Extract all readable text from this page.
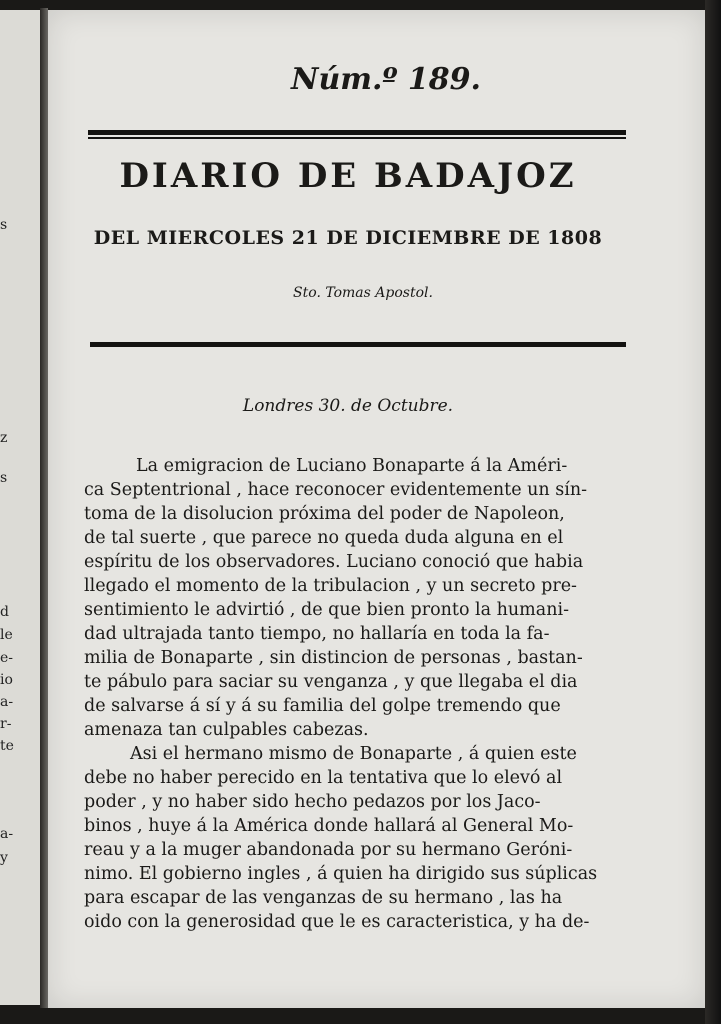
s
z
s
d
le
e-
io
a-
r-
te
a-
y
Núm.º 189.
DIARIO DE BADAJOZ
DEL MIERCOLES 21 DE DICIEMBRE DE 1808
Sto. Tomas Apostol.
Londres 30. de Octubre.
La emigracion de Luciano Bonaparte á la Améri-
ca Septentrional , hace reconocer evidentemente un sín-
toma de la disolucion próxima del poder de Napoleon,
de tal suerte , que parece no queda duda alguna en el
espíritu de los observadores. Luciano conoció que habia
llegado el momento de la tribulacion , y un secreto pre-
sentimiento le advirtió , de que bien pronto la humani-
dad ultrajada tanto tiempo, no hallaría en toda la fa-
milia de Bonaparte , sin distincion de personas , bastan-
te pábulo para saciar su venganza , y que llegaba el dia
de salvarse á sí y á su familia del golpe tremendo que
amenaza tan culpables cabezas.
Asi el hermano mismo de Bonaparte , á quien este
debe no haber perecido en la tentativa que lo elevó al
poder , y no haber sido hecho pedazos por los Jaco-
binos , huye á la América donde hallará al General Mo-
reau y a la muger abandonada por su hermano Geróni-
nimo. El gobierno ingles , á quien ha dirigido sus súplicas
para escapar de las venganzas de su hermano , las ha
oido con la generosidad que le es caracteristica, y ha de-
